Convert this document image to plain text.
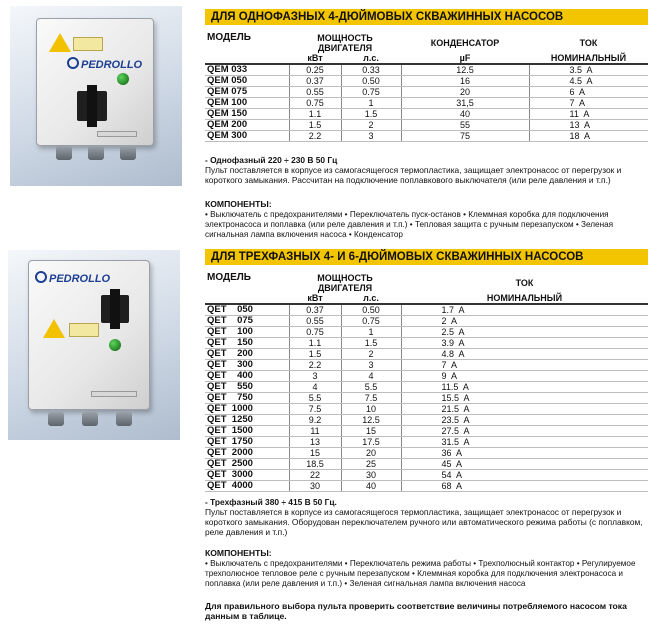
PEDROLLO
PEDROLLO
ДЛЯ ОДНОФАЗНЫХ 4-ДЮЙМОВЫХ СКВАЖИННЫХ НАСОСОВ
МОДЕЛЬ	МОЩНОСТЬ ДВИГАТЕЛЯ		КОНДЕНСАТОР	ТОК
	кВт	л.с.	µF	НОМИНАЛЬНЫЙ
QEM 033	0.25	0.33	12.5	3.5  A
QEM 050	0.37	0.50	16	4.5  A
QEM 075	0.55	0.75	20	6  A
QEM 100	0.75	1	31,5	7  A
QEM 150	1.1	1.5	40	11  A
QEM 200	1.5	2	55	13  A
QEM 300	2.2	3	75	18  A
- Однофазный 220 ÷ 230 В 50 Гц
Пульт поставляется в корпусе из самогасящегося термопластика, защищает электронасос от перегрузок и короткого замыкания. Рассчитан на подключение поплавкового выключателя (или реле давления и т.п.)
КОМПОНЕНТЫ:
• Выключатель с предохранителями • Переключатель пуск-останов • Клеммная коробка для подключения электронасоса и поплавка (или реле давления и т.п.) • Тепловая защита с ручным перезапуском • Зеленая сигнальная лампа включения насоса • Конденсатор
ДЛЯ ТРЕХФАЗНЫХ 4- И 6-ДЮЙМОВЫХ СКВАЖИННЫХ НАСОСОВ
МОДЕЛЬ	МОЩНОСТЬ ДВИГАТЕЛЯ		ТОК
	кВт	л.с.	НОМИНАЛЬНЫЙ
QET    050	0.37	0.50	1.7  A
QET    075	0.55	0.75	2  A
QET    100	0.75	1	2.5  A
QET    150	1.1	1.5	3.9  A
QET    200	1.5	2	4.8  A
QET    300	2.2	3	7  A
QET    400	3	4	9  A
QET    550	4	5.5	11.5  A
QET    750	5.5	7.5	15.5  A
QET  1000	7.5	10	21.5  A
QET  1250	9.2	12.5	23.5  A
QET  1500	11	15	27.5  A
QET  1750	13	17.5	31.5  A
QET  2000	15	20	36  A
QET  2500	18.5	25	45  A
QET  3000	22	30	54  A
QET  4000	30	40	68  A
- Трехфазный 380 ÷ 415 В 50 Гц.
Пульт поставляется в корпусе из самогасящегося термопластика, защищает электронасос от перегрузок и короткого замыкания. Оборудован переключателем ручного или автоматического режима работы (с поплавком, реле давления и т.п.)
КОМПОНЕНТЫ:
• Выключатель с предохранителями • Переключатель режима работы • Трехполюсный контактор • Регулируемое трехполюсное тепловое реле с ручным перезапуском • Клеммная коробка для подключения электронасоса и поплавка (или реле давления и т.п.) • Зеленая сигнальная лампа включения насоса
Для правильного выбора пульта проверить соответствие величины потребляемого насосом тока данным в таблице.
